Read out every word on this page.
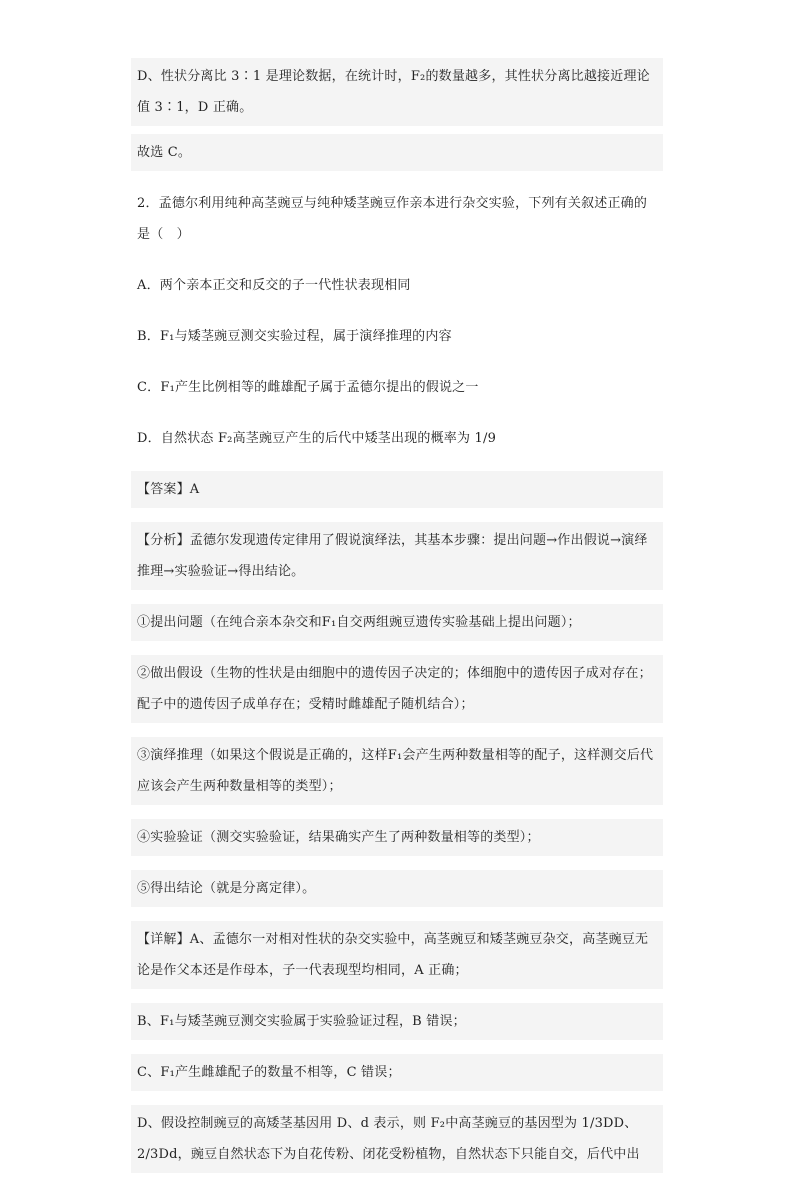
D、性状分离比 3∶1 是理论数据，在统计时，F₂的数量越多，其性状分离比越接近理论值 3∶1，D 正确。
故选 C。
2．孟德尔利用纯种高茎豌豆与纯种矮茎豌豆作亲本进行杂交实验，下列有关叙述正确的是（　）
A．两个亲本正交和反交的子一代性状表现相同
B．F₁与矮茎豌豆测交实验过程，属于演绎推理的内容
C．F₁产生比例相等的雌雄配子属于孟德尔提出的假说之一
D．自然状态 F₂高茎豌豆产生的后代中矮茎出现的概率为 1/9
【答案】A
【分析】孟德尔发现遗传定律用了假说演绎法，其基本步骤：提出问题→作出假说→演绎推理→实验验证→得出结论。
①提出问题（在纯合亲本杂交和F₁自交两组豌豆遗传实验基础上提出问题）；
②做出假设（生物的性状是由细胞中的遗传因子决定的；体细胞中的遗传因子成对存在；配子中的遗传因子成单存在；受精时雌雄配子随机结合）；
③演绎推理（如果这个假说是正确的，这样F₁会产生两种数量相等的配子，这样测交后代应该会产生两种数量相等的类型）；
④实验验证（测交实验验证，结果确实产生了两种数量相等的类型）；
⑤得出结论（就是分离定律）。
【详解】A、孟德尔一对相对性状的杂交实验中，高茎豌豆和矮茎豌豆杂交，高茎豌豆无论是作父本还是作母本，子一代表现型均相同，A 正确；
B、F₁与矮茎豌豆测交实验属于实验验证过程，B 错误；
C、F₁产生雌雄配子的数量不相等，C 错误；
D、假设控制豌豆的高矮茎基因用 D、d 表示，则 F₂中高茎豌豆的基因型为 1/3DD、2/3Dd，豌豆自然状态下为自花传粉、闭花受粉植物，自然状态下只能自交，后代中出
